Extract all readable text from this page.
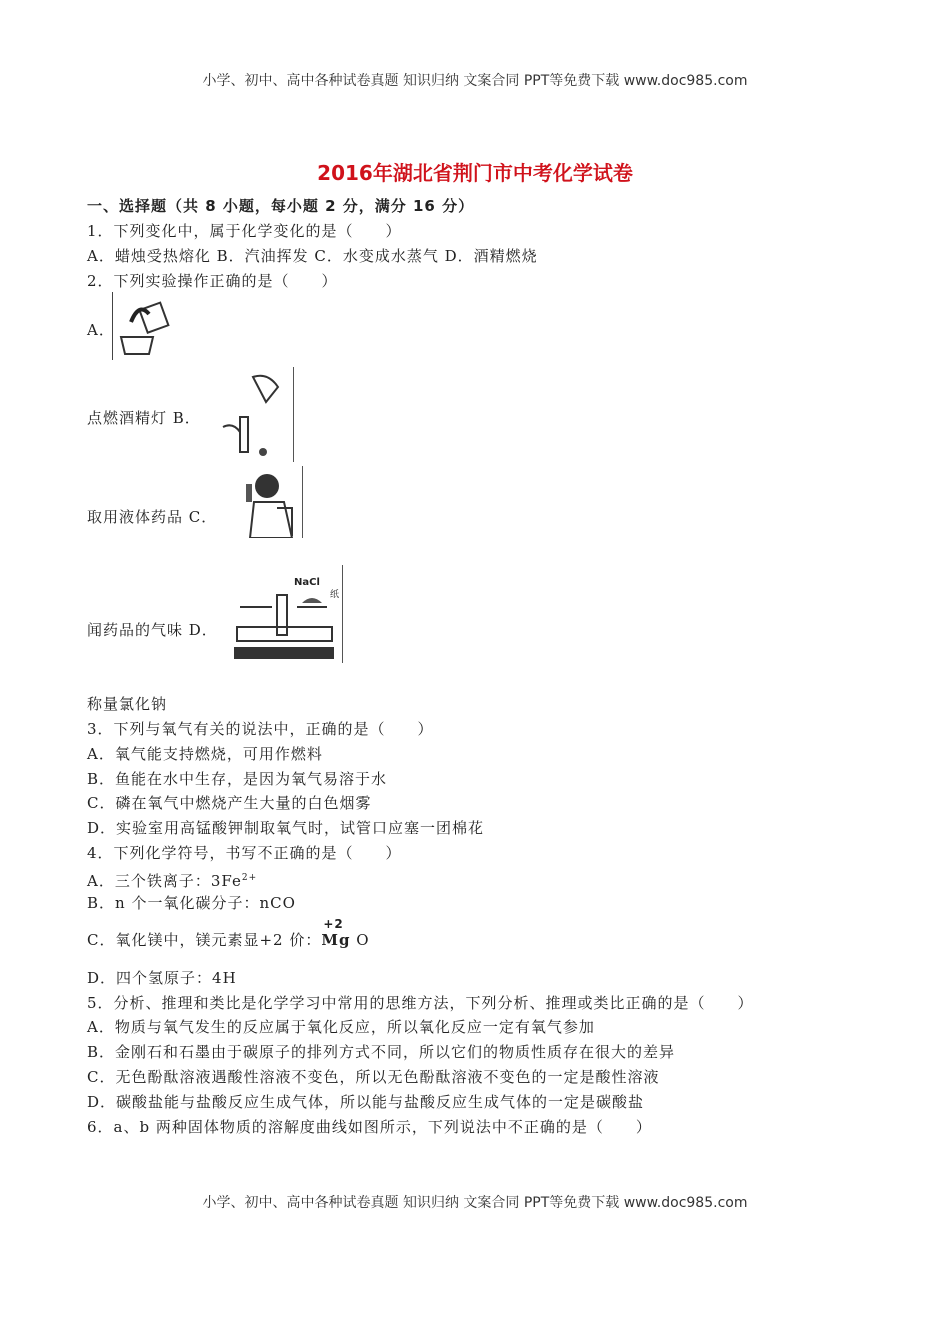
小学、初中、高中各种试卷真题 知识归纳 文案合同 PPT等免费下载 www.doc985.com
2016年湖北省荆门市中考化学试卷
一、选择题（共 8 小题，每小题 2 分，满分 16 分）
1．下列变化中，属于化学变化的是（　　）
A．蜡烛受热熔化 B．汽油挥发 C．水变成水蒸气 D．酒精燃烧
2．下列实验操作正确的是（　　）
A．
点燃酒精灯 B．
取用液体药品 C．
闻药品的气味 D．
NaCl
纸
称量氯化钠
3．下列与氧气有关的说法中，正确的是（　　）
A．氧气能支持燃烧，可用作燃料
B．鱼能在水中生存，是因为氧气易溶于水
C．磷在氧气中燃烧产生大量的白色烟雾
D．实验室用高锰酸钾制取氧气时，试管口应塞一团棉花
4．下列化学符号，书写不正确的是（　　）
A．三个铁离子：$3Fe^{2+}$
B．n 个一氧化碳分子：nCO
C．氧化镁中，镁元素显+2 价：
+2
Mg O
D．四个氢原子：4H
5．分析、推理和类比是化学学习中常用的思维方法，下列分析、推理或类比正确的是（　　）
A．物质与氧气发生的反应属于氧化反应，所以氧化反应一定有氧气参加
B．金刚石和石墨由于碳原子的排列方式不同，所以它们的物质性质存在很大的差异
C．无色酚酞溶液遇酸性溶液不变色，所以无色酚酞溶液不变色的一定是酸性溶液
D．碳酸盐能与盐酸反应生成气体，所以能与盐酸反应生成气体的一定是碳酸盐
6．a、b 两种固体物质的溶解度曲线如图所示，下列说法中不正确的是（　　）
小学、初中、高中各种试卷真题 知识归纳 文案合同 PPT等免费下载 www.doc985.com
